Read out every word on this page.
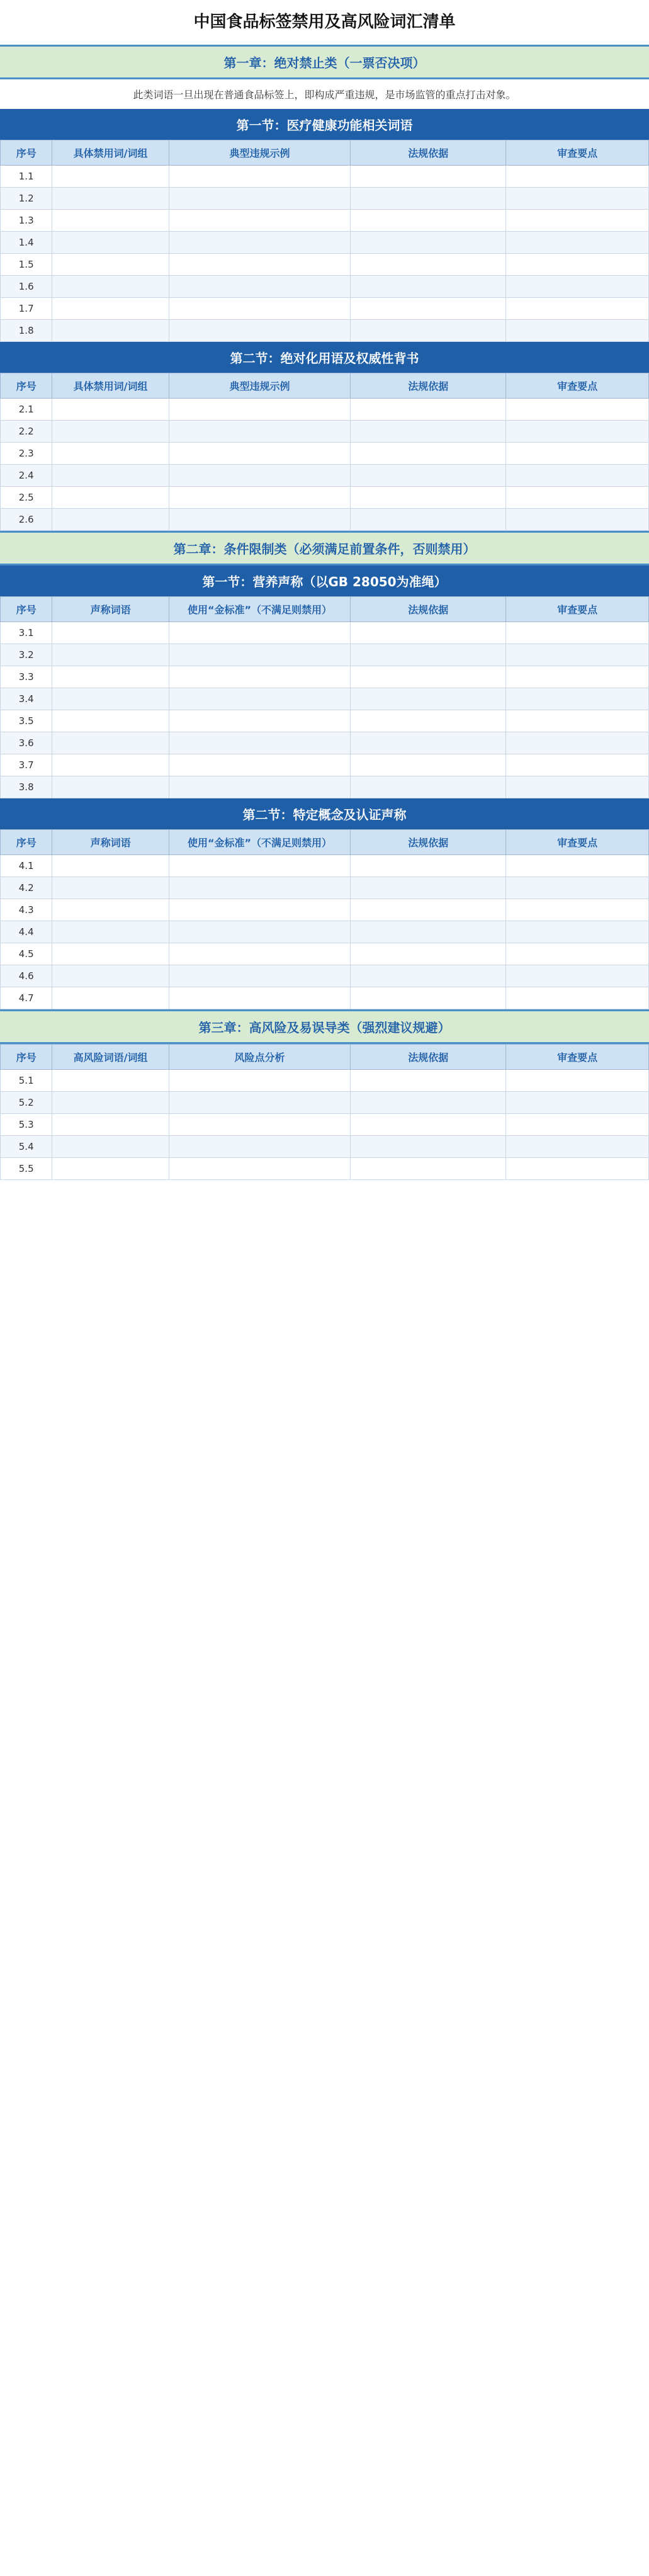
中国食品标签禁用及高风险词汇清单
第一章：绝对禁止类（一票否决项）
此类词语一旦出现在普通食品标签上，即构成严重违规，是市场监管的重点打击对象。
第一节：医疗健康功能相关词语
序号	具体禁用词/词组	典型违规示例	法规依据	审查要点
1.1				
1.2				
1.3				
1.4				
1.5				
1.6				
1.7				
1.8				
第二节：绝对化用语及权威性背书
序号	具体禁用词/词组	典型违规示例	法规依据	审查要点
2.1				
2.2				
2.3				
2.4				
2.5				
2.6				
第二章：条件限制类（必须满足前置条件，否则禁用）
第一节：营养声称（以GB 28050为准绳）
序号	声称词语	使用“金标准”（不满足则禁用）	法规依据	审查要点
3.1				
3.2				
3.3				
3.4				
3.5				
3.6				
3.7				
3.8				
第二节：特定概念及认证声称
序号	声称词语	使用“金标准”（不满足则禁用）	法规依据	审查要点
4.1				
4.2				
4.3				
4.4				
4.5				
4.6				
4.7				
第三章：高风险及易误导类（强烈建议规避）
序号	高风险词语/词组	风险点分析	法规依据	审查要点
5.1				
5.2				
5.3				
5.4				
5.5				
